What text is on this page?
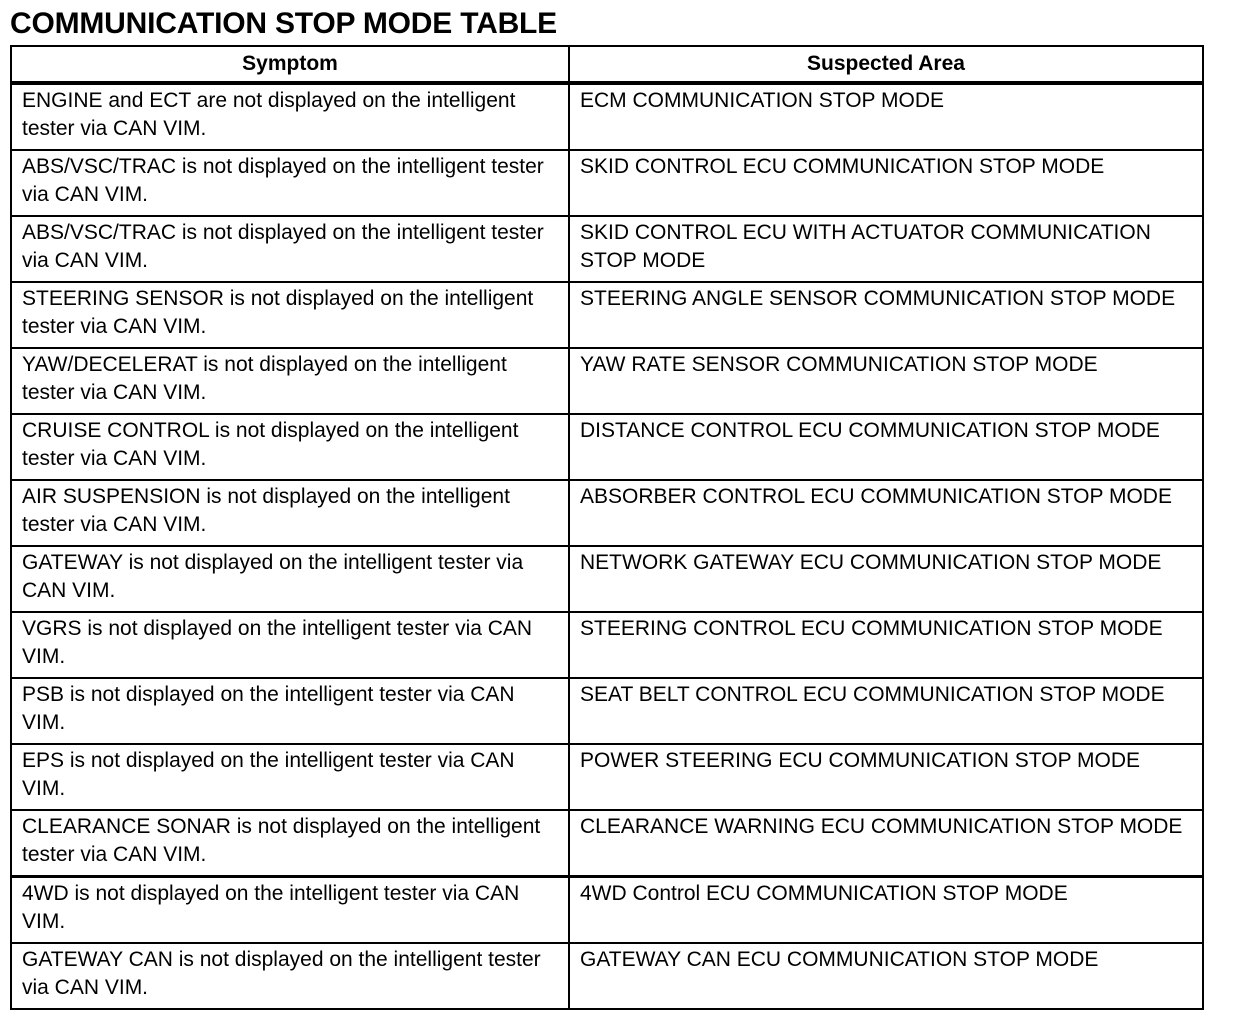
COMMUNICATION STOP MODE TABLE
Symptom	Suspected Area
ENGINE and ECT are not displayed on the intelligent tester via CAN VIM.	ECM COMMUNICATION STOP MODE
ABS/VSC/TRAC is not displayed on the intelligent tester via CAN VIM.	SKID CONTROL ECU COMMUNICATION STOP MODE
ABS/VSC/TRAC is not displayed on the intelligent tester via CAN VIM.	SKID CONTROL ECU WITH ACTUATOR COMMUNICATION STOP MODE
STEERING SENSOR is not displayed on the intelligent tester via CAN VIM.	STEERING ANGLE SENSOR COMMUNICATION STOP MODE
YAW/DECELERAT is not displayed on the intelligent tester via CAN VIM.	YAW RATE SENSOR COMMUNICATION STOP MODE
CRUISE CONTROL is not displayed on the intelligent tester via CAN VIM.	DISTANCE CONTROL ECU COMMUNICATION STOP MODE
AIR SUSPENSION is not displayed on the intelligent tester via CAN VIM.	ABSORBER CONTROL ECU COMMUNICATION STOP MODE
GATEWAY is not displayed on the intelligent tester via CAN VIM.	NETWORK GATEWAY ECU COMMUNICATION STOP MODE
VGRS is not displayed on the intelligent tester via CAN VIM.	STEERING CONTROL ECU COMMUNICATION STOP MODE
PSB is not displayed on the intelligent tester via CAN VIM.	SEAT BELT CONTROL ECU COMMUNICATION STOP MODE
EPS is not displayed on the intelligent tester via CAN VIM.	POWER STEERING ECU COMMUNICATION STOP MODE
CLEARANCE SONAR is not displayed on the intelligent tester via CAN VIM.	CLEARANCE WARNING ECU COMMUNICATION STOP MODE
4WD is not displayed on the intelligent tester via CAN VIM.	4WD Control ECU COMMUNICATION STOP MODE
GATEWAY CAN is not displayed on the intelligent tester via CAN VIM.	GATEWAY CAN ECU COMMUNICATION STOP MODE
